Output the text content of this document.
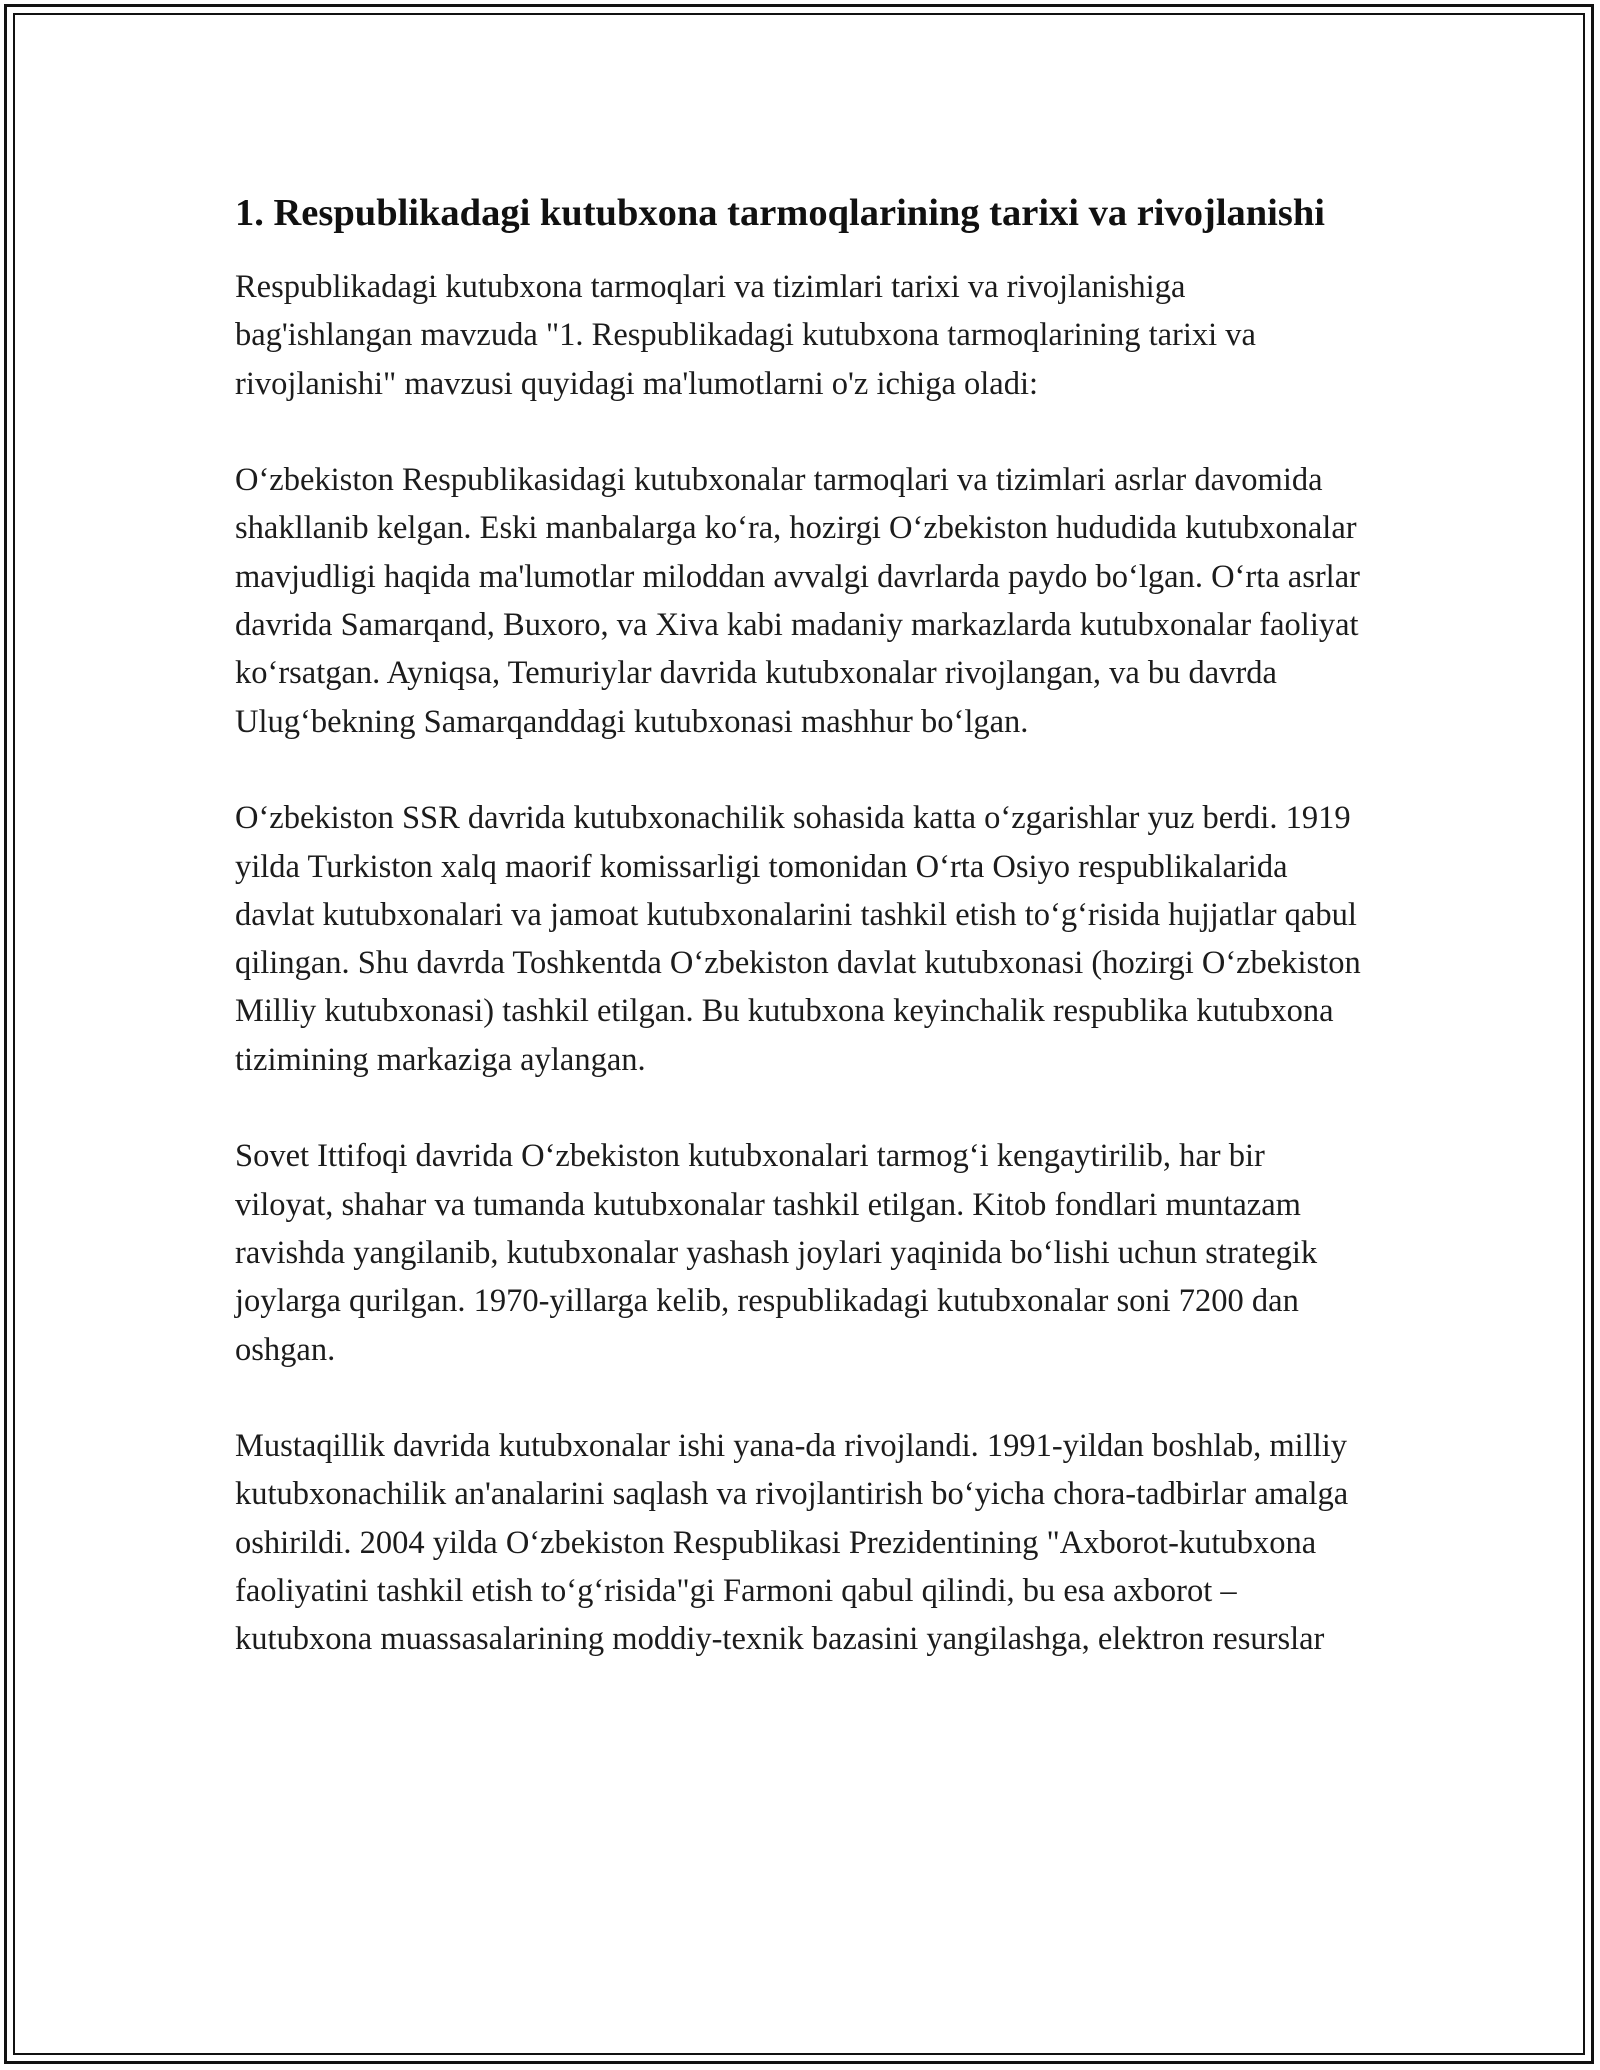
1. Respublikadagi kutubxona tarmoqlarining tarixi va rivojlanishi

Respublikadagi kutubxona tarmoqlari va tizimlari tarixi va rivojlanishiga bag'ishlangan mavzuda "1. Respublikadagi kutubxona tarmoqlarining tarixi va rivojlanishi" mavzusi quyidagi ma'lumotlarni o'z ichiga oladi:

O‘zbekiston Respublikasidagi kutubxonalar tarmoqlari va tizimlari asrlar davomida shakllanib kelgan. Eski manbalarga ko‘ra, hozirgi O‘zbekiston hududida kutubxonalar mavjudligi haqida ma'lumotlar miloddan avvalgi davrlarda paydo bo‘lgan. O‘rta asrlar davrida Samarqand, Buxoro, va Xiva kabi madaniy markazlarda kutubxonalar faoliyat ko‘rsatgan. Ayniqsa, Temuriylar davrida kutubxonalar rivojlangan, va bu davrda Ulug‘bekning Samarqanddagi kutubxonasi mashhur bo‘lgan.

O‘zbekiston SSR davrida kutubxonachilik sohasida katta o‘zgarishlar yuz berdi. 1919 yilda Turkiston xalq maorif komissarligi tomonidan O‘rta Osiyo respublikalarida davlat kutubxonalari va jamoat kutubxonalarini tashkil etish to‘g‘risida hujjatlar qabul qilingan. Shu davrda Toshkentda O‘zbekiston davlat kutubxonasi (hozirgi O‘zbekiston Milliy kutubxonasi) tashkil etilgan. Bu kutubxona keyinchalik respublika kutubxona tizimining markaziga aylangan.

Sovet Ittifoqi davrida O‘zbekiston kutubxonalari tarmog‘i kengaytirilib, har bir viloyat, shahar va tumanda kutubxonalar tashkil etilgan. Kitob fondlari muntazam ravishda yangilanib, kutubxonalar yashash joylari yaqinida bo‘lishi uchun strategik joylarga qurilgan. 1970-yillarga kelib, respublikadagi kutubxonalar soni 7200 dan oshgan.

Mustaqillik davrida kutubxonalar ishi yana-da rivojlandi. 1991-yildan boshlab, milliy kutubxonachilik an'analarini saqlash va rivojlantirish bo‘yicha chora-tadbirlar amalga oshirildi. 2004 yilda O‘zbekiston Respublikasi Prezidentining "Axborot-kutubxona faoliyatini tashkil etish to‘g‘risida"gi Farmoni qabul qilindi, bu esa axborot – kutubxona muassasalarining moddiy-texnik bazasini yangilashga, elektron resurslar
